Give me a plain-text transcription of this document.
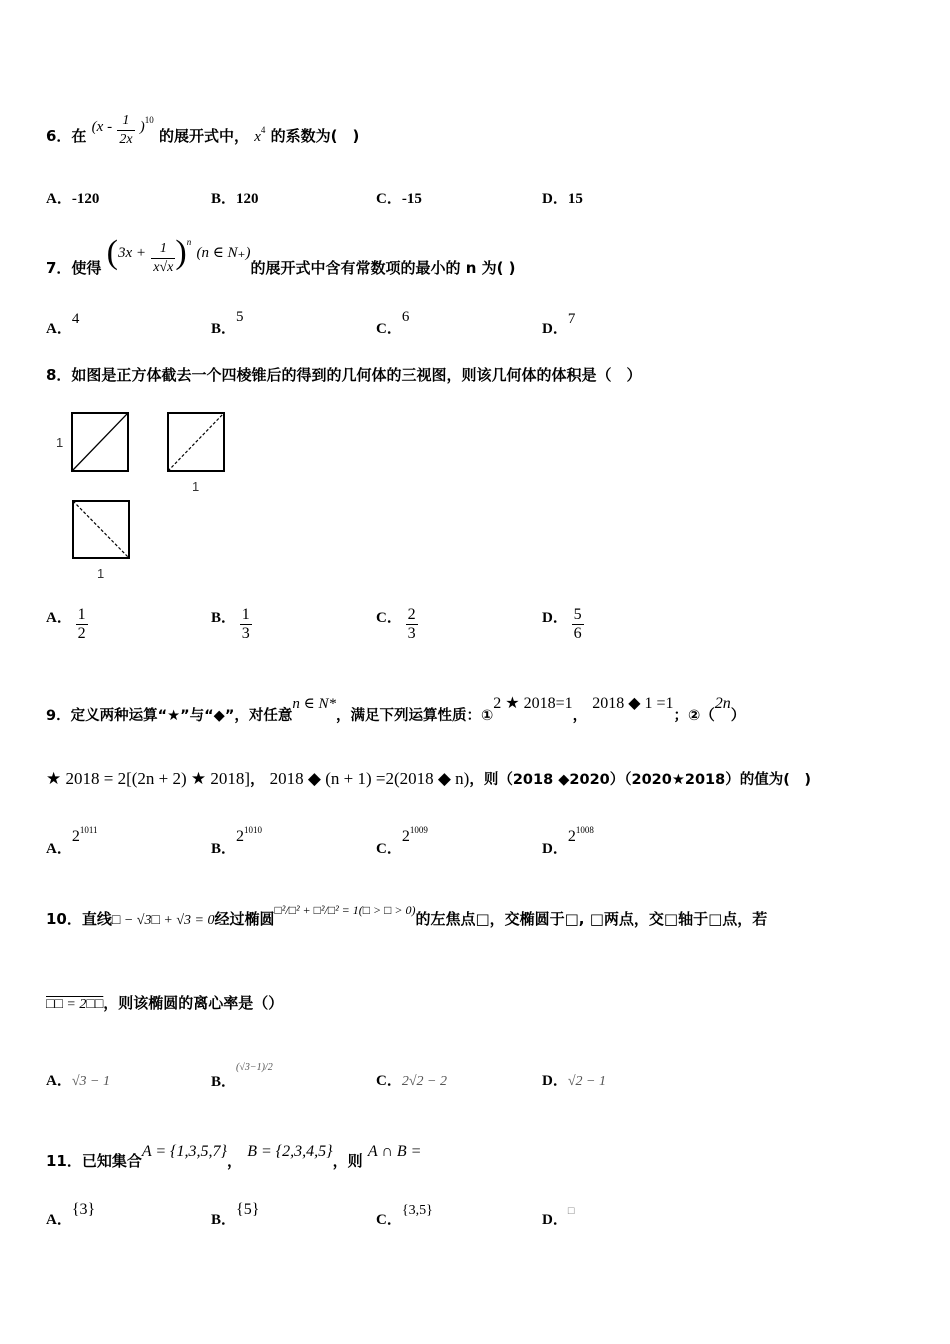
6．在 $(x - \frac{1}{2x} )^{10}$ 的展开式中， $x^4$ 的系数为(　)
A．-120	B．120	C．-15	D．15
7．使得 $(3x + \frac{1}{x√x} )^n$ (n ∈ N₊)的展开式中含有常数项的最小的 n 为( )
A．4
B．5
C．6
D．7
8．如图是正方体截去一个四棱锥后的得到的几何体的三视图，则该几何体的体积是（　）
1
1
1
A． $\frac{1}{2}$	B． $\frac{1}{3}$	C． $\frac{2}{3}$	D． $\frac{5}{6}$
9．定义两种运算“★”与“◆”，对任意n ∈ N*，满足下列运算性质：①2 ★ 2018=1， 2018 ◆ 1 =1；②（2n）
★ 2018 = 2[(2n + 2) ★ 2018]， 2018 ◆ (n + 1) =2(2018 ◆ n)，则（2018 ◆2020）（2020★2018）的值为(　)
A．$2^{1011}$
B．$2^{1010}$
C．$2^{1009}$
D．$2^{1008}$
10．直线□ − √3□ + √3 = 0经过椭圆□²/□² + □²/□² = 1(□ > □ > 0)的左焦点□，交椭圆于□, □两点，交□轴于□点，若
□□ = 2□□，则该椭圆的离心率是（）
A．√3 − 1	B．(√3−1)/2
C．2√2 − 2	D．√2 − 1
11．已知集合A = {1,3,5,7}， B = {2,3,4,5}，则 A ∩ B =
A．{3}
B．{5}
C．{3,5}
D．□
